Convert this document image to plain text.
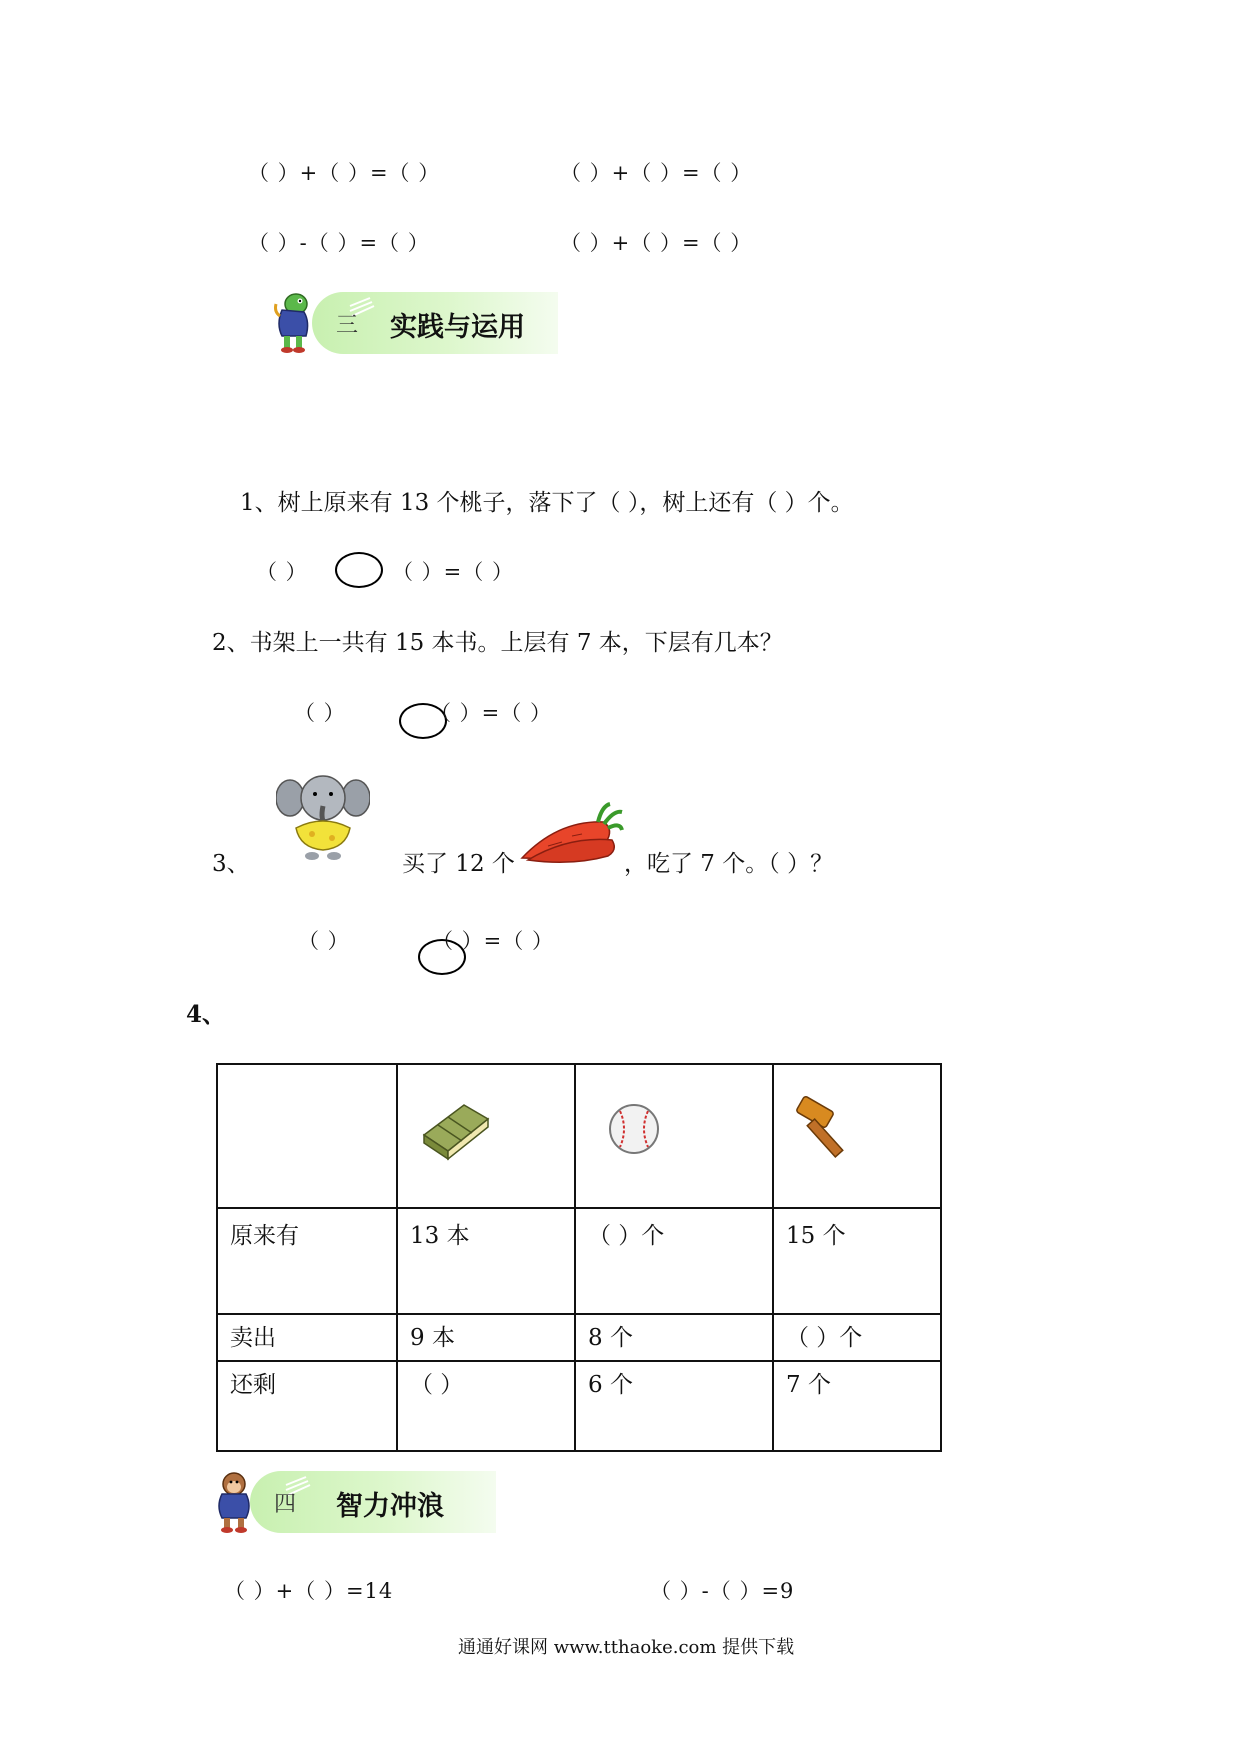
（ ）+（ ）=（ ）	（ ）+（ ）=（ ）
（ ）-（ ）=（ ）	（ ）+（ ）=（ ）
三 实践与运用
1、树上原来有 13 个桃子，落下了（ ），树上还有（ ）个。
（ ）	（ ）=（ ）
2、书架上一共有 15 本书。上层有 7 本，下层有几本？
（ ）	（ ）=（ ）
3、	买了 12 个	，吃了 7 个。（ ）？
（ ）	（ ）=（ ）
4、

原来有	13 本	（ ）个	15 个

卖出	9 本	8 个	（ ）个

还剩	（ ）	6 个	7 个
四 智力冲浪
（ ）+（ ）=14	（ ）-（ ）=9
通通好课网 www.tthaoke.com 提供下载
